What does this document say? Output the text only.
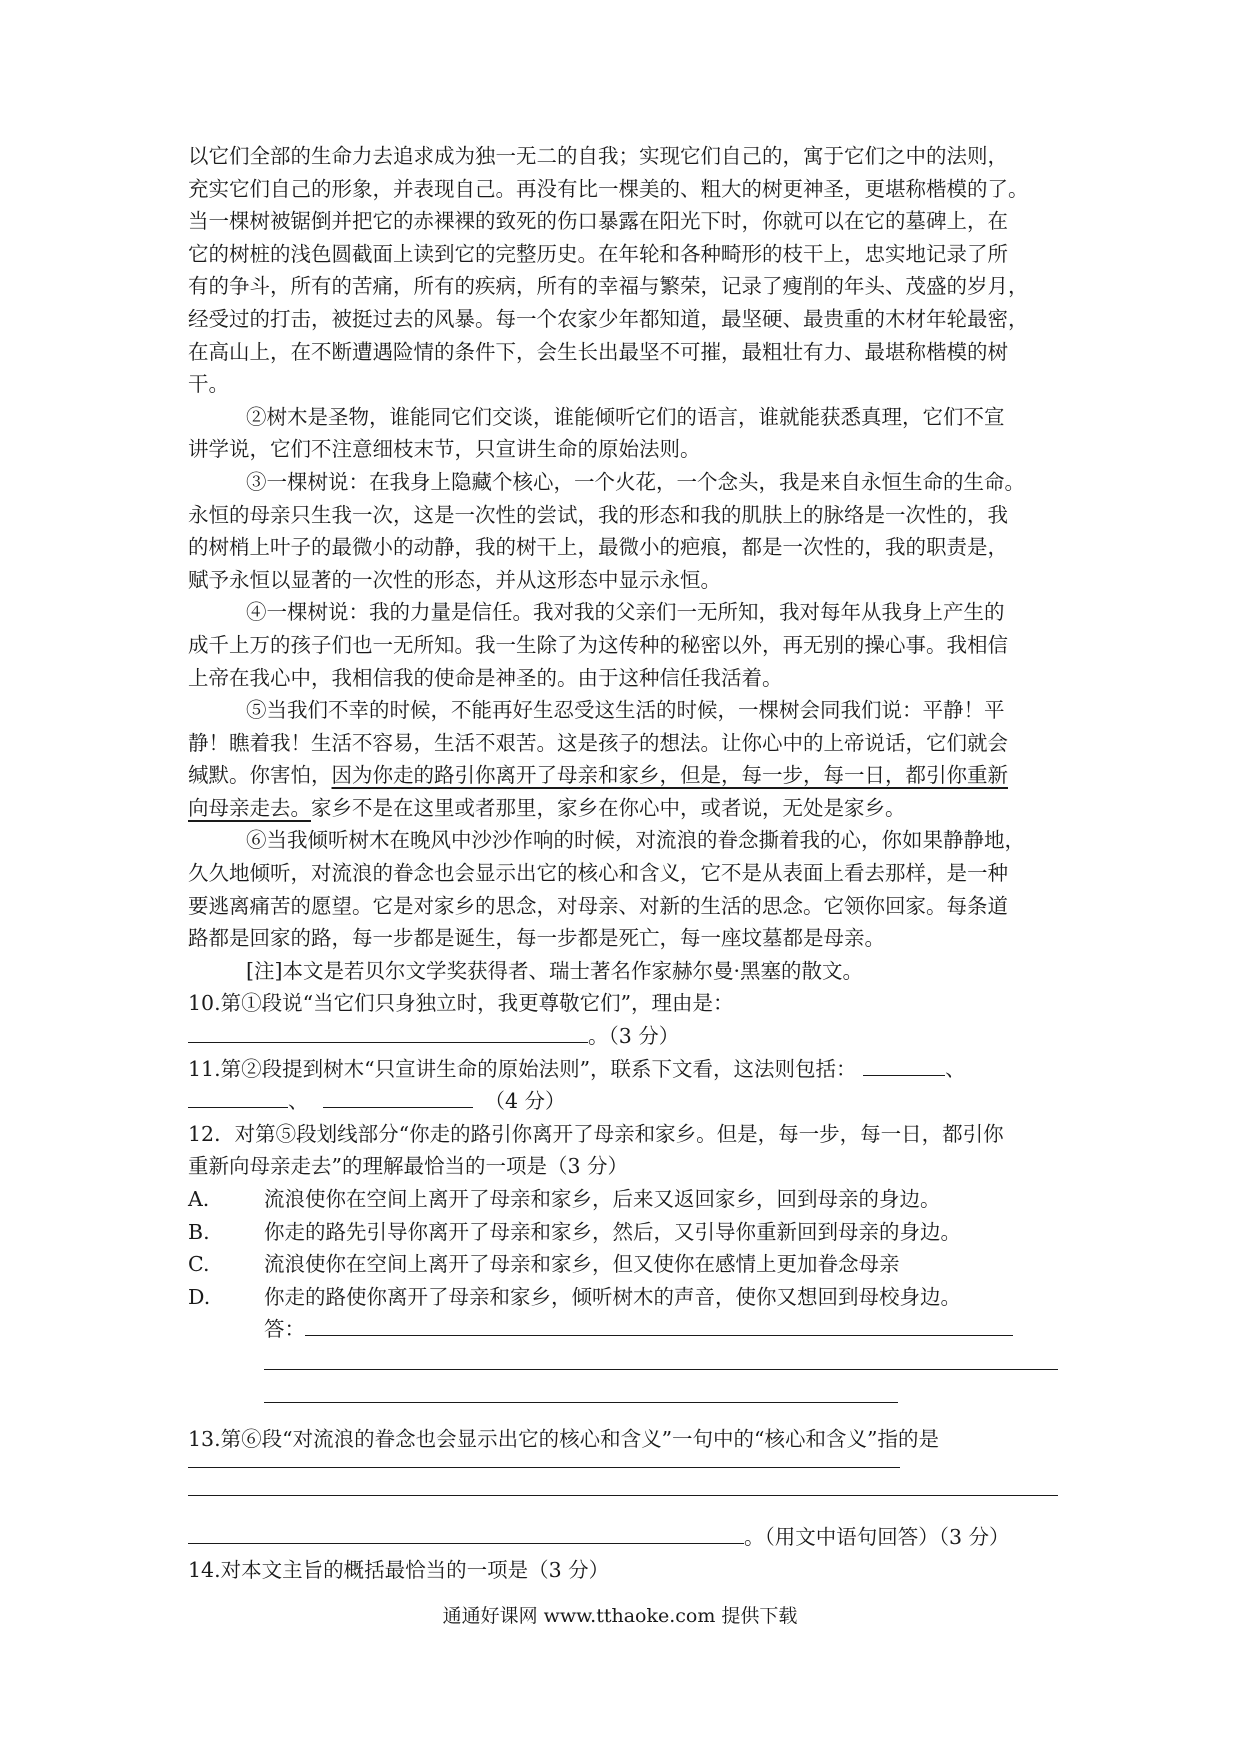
以它们全部的生命力去追求成为独一无二的自我；实现它们自己的，寓于它们之中的法则，
充实它们自己的形象，并表现自己。再没有比一棵美的、粗大的树更神圣，更堪称楷模的了。
当一棵树被锯倒并把它的赤裸裸的致死的伤口暴露在阳光下时，你就可以在它的墓碑上，在
它的树桩的浅色圆截面上读到它的完整历史。在年轮和各种畸形的枝干上，忠实地记录了所
有的争斗，所有的苦痛，所有的疾病，所有的幸福与繁荣，记录了瘦削的年头、茂盛的岁月，
经受过的打击，被挺过去的风暴。每一个农家少年都知道，最坚硬、最贵重的木材年轮最密，
在高山上，在不断遭遇险情的条件下，会生长出最坚不可摧，最粗壮有力、最堪称楷模的树
干。
②树木是圣物，谁能同它们交谈，谁能倾听它们的语言，谁就能获悉真理，它们不宣
讲学说，它们不注意细枝末节，只宣讲生命的原始法则。
③一棵树说：在我身上隐藏个核心，一个火花，一个念头，我是来自永恒生命的生命。
永恒的母亲只生我一次，这是一次性的尝试，我的形态和我的肌肤上的脉络是一次性的，我
的树梢上叶子的最微小的动静，我的树干上，最微小的疤痕，都是一次性的，我的职责是，
赋予永恒以显著的一次性的形态，并从这形态中显示永恒。
④一棵树说：我的力量是信任。我对我的父亲们一无所知，我对每年从我身上产生的
成千上万的孩子们也一无所知。我一生除了为这传种的秘密以外，再无别的操心事。我相信
上帝在我心中，我相信我的使命是神圣的。由于这种信任我活着。
⑤当我们不幸的时候，不能再好生忍受这生活的时候，一棵树会同我们说：平静！平
静！瞧着我！生活不容易，生活不艰苦。这是孩子的想法。让你心中的上帝说话，它们就会
缄默。你害怕，因为你走的路引你离开了母亲和家乡，但是，每一步，每一日，都引你重新
向母亲走去。家乡不是在这里或者那里，家乡在你心中，或者说，无处是家乡。
⑥当我倾听树木在晚风中沙沙作响的时候，对流浪的眷念撕着我的心，你如果静静地，
久久地倾听，对流浪的眷念也会显示出它的核心和含义，它不是从表面上看去那样，是一种
要逃离痛苦的愿望。它是对家乡的思念，对母亲、对新的生活的思念。它领你回家。每条道
路都是回家的路，每一步都是诞生，每一步都是死亡，每一座坟墓都是母亲。
[注]本文是若贝尔文学奖获得者、瑞士著名作家赫尔曼·黑塞的散文。
10.第①段说“当它们只身独立时，我更尊敬它们”，理由是：
。（3 分）
11.第②段提到树木“只宣讲生命的原始法则”，联系下文看，这法则包括：	、
、	（4 分）
12．对第⑤段划线部分“你走的路引你离开了母亲和家乡。但是，每一步，每一日，都引你
重新向母亲走去”的理解最恰当的一项是（3 分）
A.	流浪使你在空间上离开了母亲和家乡，后来又返回家乡，回到母亲的身边。
B.	你走的路先引导你离开了母亲和家乡，然后，又引导你重新回到母亲的身边。
C.	流浪使你在空间上离开了母亲和家乡，但又使你在感情上更加眷念母亲
D.	你走的路使你离开了母亲和家乡，倾听树木的声音，使你又想回到母校身边。
答：
13.第⑥段“对流浪的眷念也会显示出它的核心和含义”一句中的“核心和含义”指的是
。（用文中语句回答）（3 分）
14.对本文主旨的概括最恰当的一项是（3 分）
通通好课网 www.tthaoke.com 提供下载
